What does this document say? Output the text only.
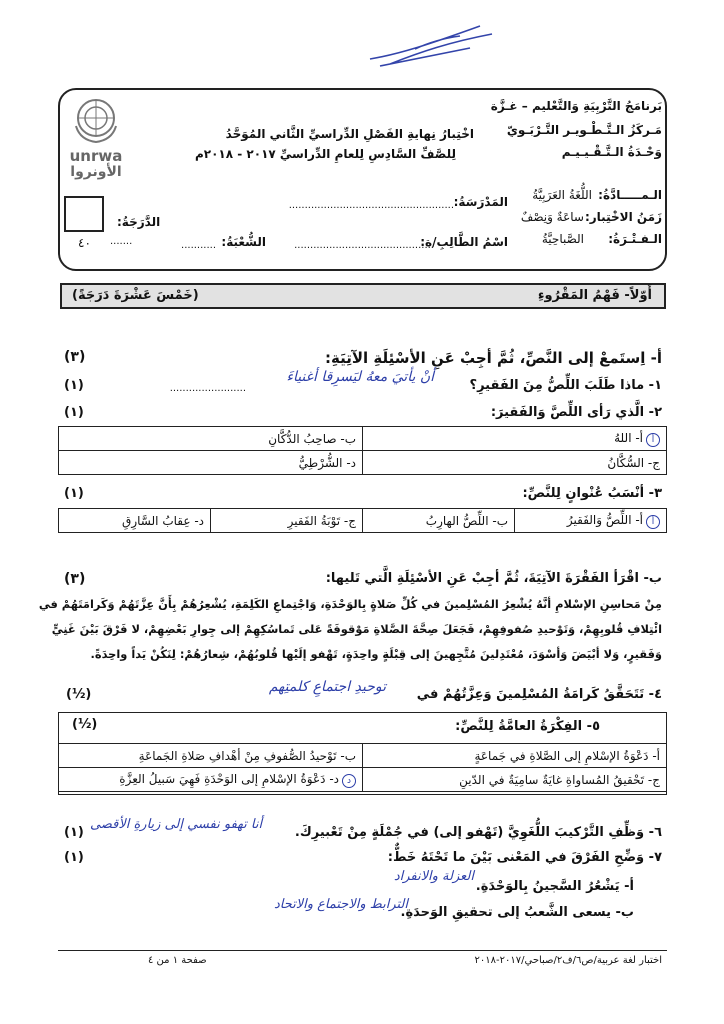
unrwa
الأونروا
بَرنامَجُ التَّرْبِيَةِ وَالتَّعْليم – غـزَّة
مَـركَزُ الـتَّـطْـويـر التَّـرْبَـويّ
وَحْـدَةُ الـتَّـقْـيـيـم
اخْتِبارُ نِهايةِ الفَصْلِ الدِّراسيِّ الثَّاني المُوَحَّدُ
لِلصَّفِّ السَّادِسِ لِلعامِ الدِّراسيِّ ٢٠١٧ - ٢٠١٨م
الـمـــــادَّةُ:
اللُّغَةُ العَرَبِيَّةُ
المَدْرَسَةُ:
....................................................
زَمَنُ الاخْتِبار:
ساعَةٌ وَنِصْفٌ
الدَّرَجَةُ:
.......	الـفـتْـرَةُ:
الصَّباحِيَّةُ
اسْمُ الطَّالِبِ/ة:
............................................
الشُّعْبَةُ:
...........
٤٠
أَوّلاً- فَهْمُ المَقْرُوءِ
(خَمْسَ عَشْرَةَ دَرَجَةً)
أ- اِستَمعْ إلى النَّصِّ، ثُمَّ أجِبْ عَنِ الأسْئِلَةِ الآتِيَةِ:
(٣)
١- ماذا طَلَبَ اللِّصُّ مِنَ الفَقيرِ؟
أنْ يأتيَ معهُ ليَسرِقا أغنياءَ
........................
(١)
٢- الَّذي رَأى اللِّصَّ وَالفَقيرَ:
(١)
أأ- اللهُ	ب- صاحِبُ الدُّكَّانِ
ج- السُّكَّانُ	د- الشُّرْطِيُّ
٣- أنْسَبُ عُنْوانٍ لِلنَّصِّ:
(١)
أأ- اللِّصُّ وَالفَقيرُ	ب- اللِّصُّ الهارِبُ	ج- تَوْبَةُ الفَقيرِ	د- عِقابُ السَّارِقِ
ب- اقْرَأ الفَقْرَةَ الآتِيَةَ، ثُمَّ أجِبْ عَنِ الأسْئِلَةِ الَّتي تَليها:
(٣)
مِنْ مَحاسِنِ الإسْلامِ أنَّهُ يُشْعِرُ المُسْلِمينَ في كُلِّ صَلاةٍ بِالوَحْدَةِ، وَاجْتِماعِ الكَلِمَةِ، يُشْعِرُهُمْ بِأَنَّ عِزَّتَهُمْ وَكَرامَتَهُمْ في
ائْتِلافِ قُلوبِهِمْ، وَتَوْحيدِ صُفوفِهِمْ، فَجَعَلَ صِحَّةَ الصَّلاةِ مَوْقوفَةً عَلى تَماسُكِهِمْ إلى جِوارِ بَعْضِهِمْ، لا فَرْقَ بَيْنَ غَنِيٍّ
وَفَقيرٍ، وَلا أبْيَضَ وَأسْوَدَ، مُعْتَدِلينَ مُتَّجِهينَ إلى قِبْلَةٍ واحِدَةٍ، تَهْفو إلَيْها قُلوبُهُمْ، شِعارُهُمْ: لِنَكُنْ يَداً واحِدَةً.
٤- تَتَحَقَّقُ كَرامَةُ المُسْلِمينَ وَعِزَّتُهُمْ في
توحيدِ اجتماعِ كلمتِهم
(½)
٥- الفِكْرَةُ العامَّةُ لِلنَّصِّ:
(½)
أ- دَعْوَةُ الإسْلامِ إلى الصَّلاةِ في جَماعَةٍ	ب- تَوْحيدُ الصُّفوفِ مِنْ أهْدافِ صَلاةِ الجَماعَةِ
ج- تَحْقيقُ المُساواةِ غايَةٌ سامِيَةٌ في الدّينِ	دد- دَعْوَةُ الإسْلامِ إلى الوَحْدَةِ فَهِيَ سَبيلُ العِزَّةِ
٦- وَظِّفِ التَّرْكيبَ اللُّغَوِيَّ (تَهْفو إلى) في جُمْلَةٍ مِنْ تَعْبيرِكَ.
أنا تهفو نفسي إلى زيارةِ الأقصى
(١)
٧- وَضِّحِ الفَرْقَ في المَعْنى بَيْنَ ما تَحْتَهُ خَطٌّ:
(١)
أ- يَشْعُرُ السَّجينُ بِالوَحْدَةِ.
العزلة والانفراد
ب- يسعى الشَّعبُ إلى تحقيقِ الوَحدَةِ.
الترابط والاجتماع والاتحاد
صفحة ١ من ٤	اختبار لغة عربية/ص٦/ف٢/صباحي/٢٠١٧-٢٠١٨
